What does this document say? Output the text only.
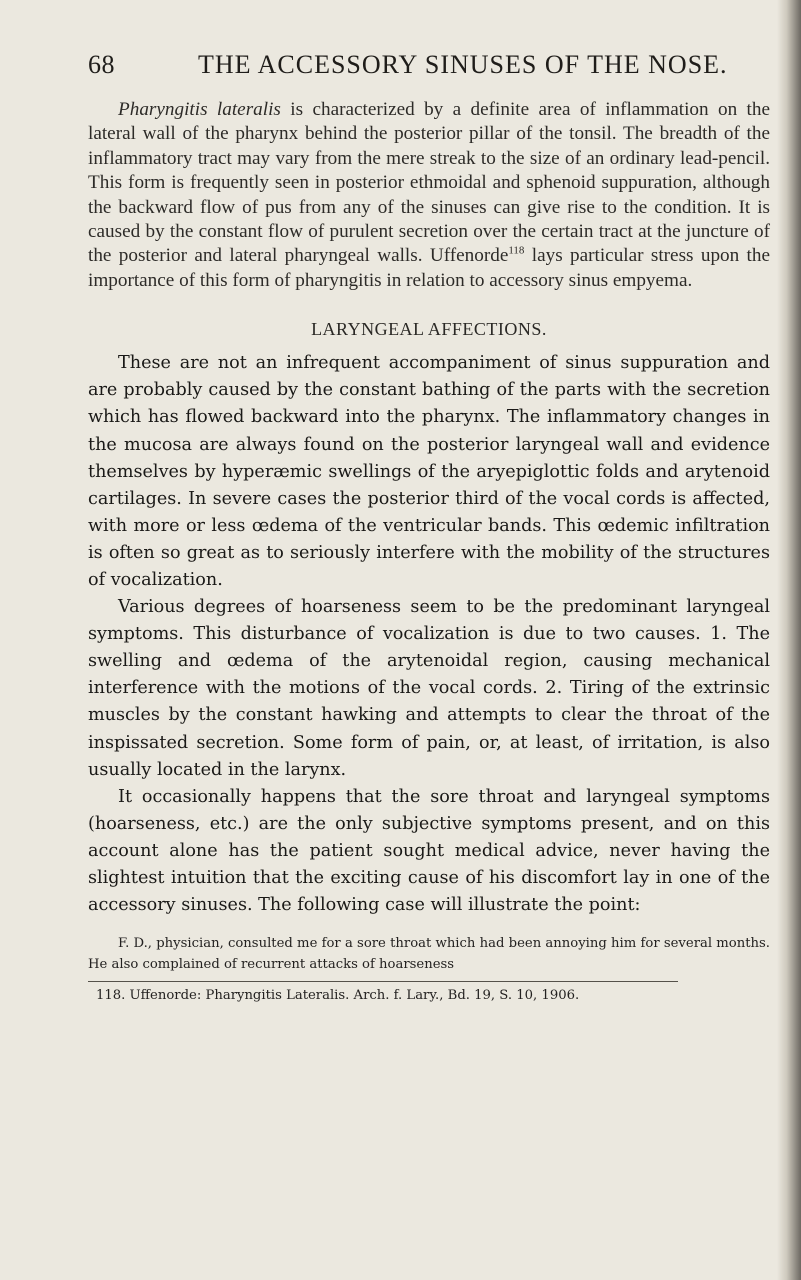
68	THE ACCESSORY SINUSES OF THE NOSE.

Pharyngitis lateralis is characterized by a definite area of inflammation on the lateral wall of the pharynx behind the posterior pillar of the tonsil. The breadth of the inflammatory tract may vary from the mere streak to the size of an ordinary lead-pencil. This form is frequently seen in posterior ethmoidal and sphenoid suppuration, although the backward flow of pus from any of the sinuses can give rise to the condition. It is caused by the constant flow of purulent secretion over the certain tract at the juncture of the posterior and lateral pharyngeal walls. Uffenorde$^{118}$ lays particular stress upon the importance of this form of pharyngitis in relation to accessory sinus empyema.

LARYNGEAL AFFECTIONS.

These are not an infrequent accompaniment of sinus suppuration and are probably caused by the constant bathing of the parts with the secretion which has flowed backward into the pharynx. The inflammatory changes in the mucosa are always found on the posterior laryngeal wall and evidence themselves by hyperæmic swellings of the aryepiglottic folds and arytenoid cartilages. In severe cases the posterior third of the vocal cords is affected, with more or less œdema of the ventricular bands. This œdemic infiltration is often so great as to seriously interfere with the mobility of the structures of vocalization.

Various degrees of hoarseness seem to be the predominant laryngeal symptoms. This disturbance of vocalization is due to two causes. 1. The swelling and œdema of the arytenoidal region, causing mechanical interference with the motions of the vocal cords. 2. Tiring of the extrinsic muscles by the constant hawking and attempts to clear the throat of the inspissated secretion. Some form of pain, or, at least, of irritation, is also usually located in the larynx.

It occasionally happens that the sore throat and laryngeal symptoms (hoarseness, etc.) are the only subjective symptoms present, and on this account alone has the patient sought medical advice, never having the slightest intuition that the exciting cause of his discomfort lay in one of the accessory sinuses. The following case will illustrate the point:

F. D., physician, consulted me for a sore throat which had been annoying him for several months. He also complained of recurrent attacks of hoarseness

118. Uffenorde: Pharyngitis Lateralis. Arch. f. Lary., Bd. 19, S. 10, 1906.
